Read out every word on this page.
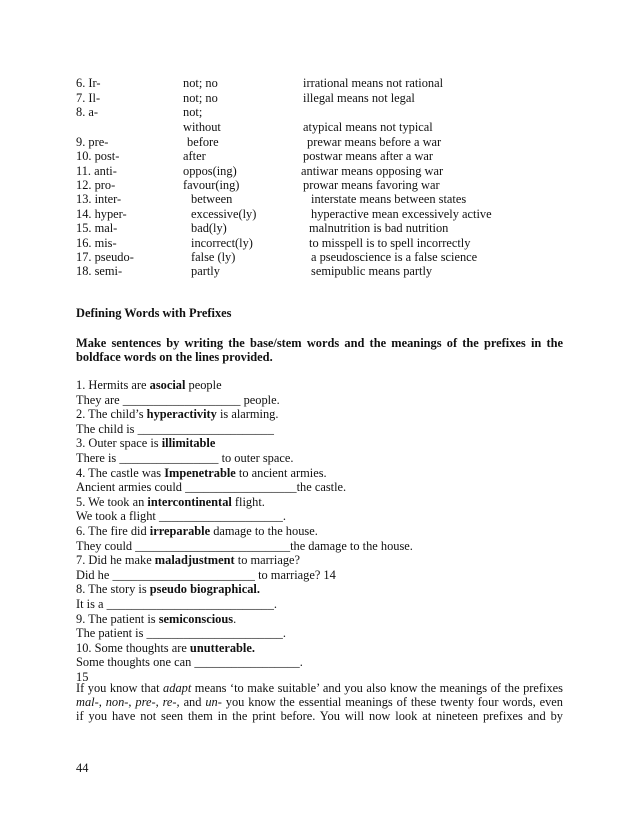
6. Ir-	not; no	irrational means not rational
7. Il-	not; no	illegal means not legal
8. a-	not;
without	atypical means not typical
9. pre-	before	prewar means before a war
10. post-	after	postwar means after a war
11. anti-	oppos(ing)	antiwar means opposing war
12. pro-	favour(ing)	prowar means favoring war
13. inter-	between	interstate means between states
14. hyper-	excessive(ly)	hyperactive mean excessively active
15. mal-	bad(ly)	malnutrition is bad nutrition
16. mis-	incorrect(ly)	to misspell is to spell incorrectly
17. pseudo-	false (ly)	a pseudoscience is a false science
18. semi-	partly	semipublic means partly
Defining Words with Prefixes
Make sentences by writing the base/stem words and the meanings of the prefixes in the boldface words on the lines provided.
1. Hermits are asocial people
They are ___________________ people.
2. The child’s hyperactivity is alarming.
The child is ______________________
3. Outer space is illimitable
There is ________________ to outer space.
4. The castle was Impenetrable to ancient armies.
Ancient armies could __________________the castle.
5. We took an intercontinental flight.
We took a flight ____________________.
6. The fire did irreparable damage to the house.
They could _________________________the damage to the house.
7. Did he make maladjustment to marriage?
Did he _______________________ to marriage? 14
8. The story is pseudo biographical.
It is a ___________________________.
9. The patient is semiconscious.
The patient is ______________________.
10. Some thoughts are unutterable.
Some thoughts one can _________________.
15
If you know that adapt means ‘to make suitable’ and you also know the meanings of the prefixes
mal-, non-, pre-, re-, and un- you know the essential meanings of these twenty four words, even
if you have not seen them in the print before. You will now look at nineteen prefixes and by
44
